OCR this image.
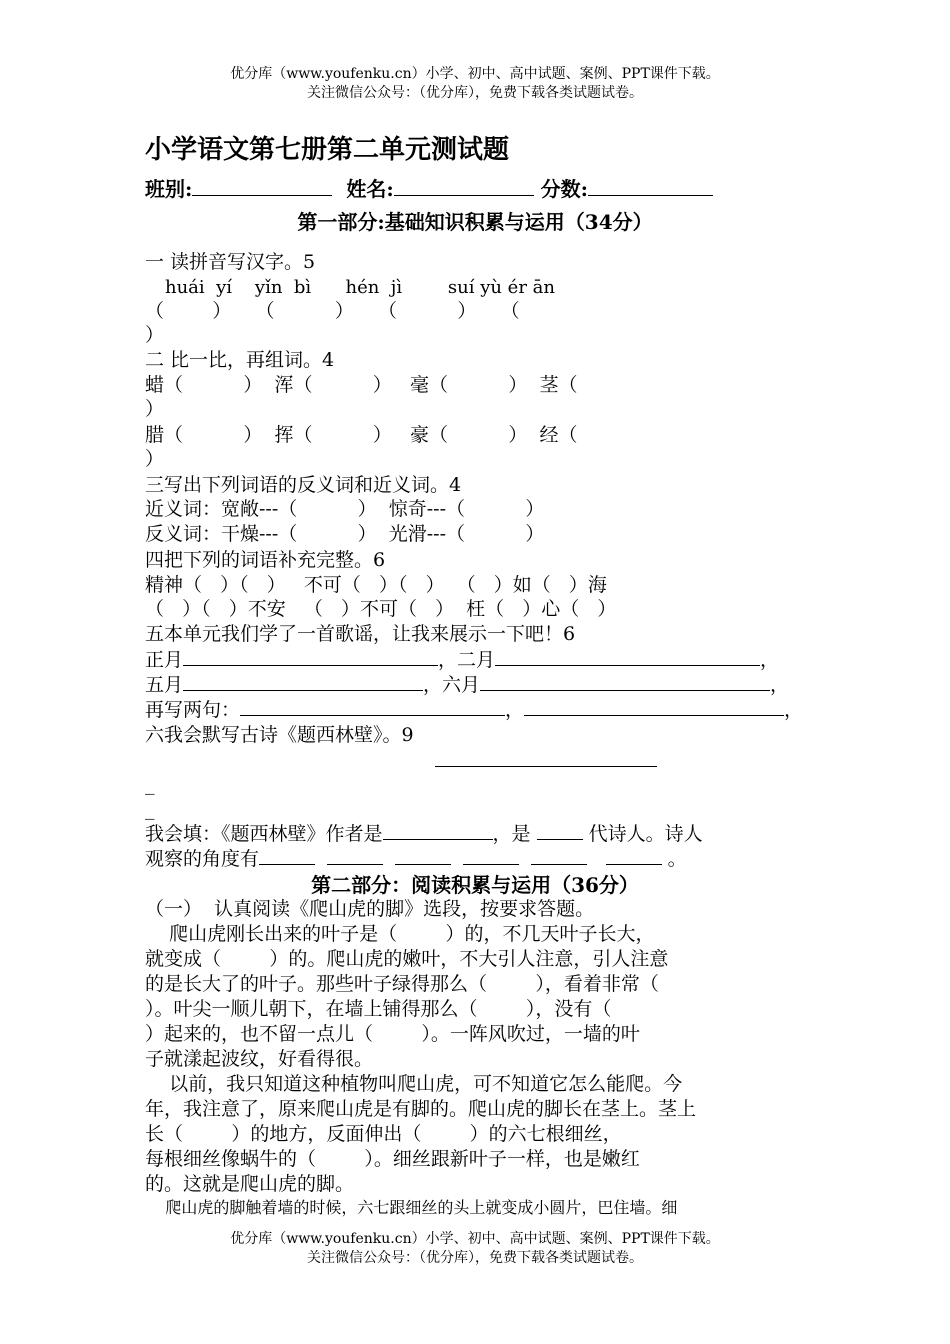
优分库（www.youfenku.cn）小学、初中、高中试题、案例、PPT课件下载。
关注微信公众号：（优分库），免费下载各类试题试卷。
小学语文第七册第二单元测试题
班别:	姓名:	分数:
第一部分:基础知识积累与运用（34分）
一 读拼音写汉字。5
huái  yí    yǐn  bì      hén  jì        suí yù ér ān
（        ）    （          ）    （          ）    （
）
二 比一比，再组词。4
蜡（          ）  浑（          ）   毫（          ）  茎（
）
腊（          ）  挥（          ）   豪（          ）  经（
）
三写出下列词语的反义词和近义词。4
近义词：宽敞---（          ）  惊奇---（          ）
反义词：干燥---（          ）  光滑---（          ）
四把下列的词语补充完整。6
精神（   ）（   ）   不可（   ）（   ）  （   ）如（   ）海
（   ）（   ）不安   （   ）不可（   ）  枉（   ）心（   ）
五本单元我们学了一首歌谣，让我来展示一下吧！6
正月	，二月	，
五月	，六月	，
再写两句：	，	，
六我会默写古诗《题西林壁》。9
_
_
我会填：《题西林壁》作者是	，是	代诗人。诗人
观察的角度有	。
第二部分：阅读积累与运用（36分）
（一）  认真阅读《爬山虎的脚》选段，按要求答题。
爬山虎刚长出来的叶子是（        ）的，不几天叶子长大，
就变成（        ）的。爬山虎的嫩叶，不大引人注意，引人注意
的是长大了的叶子。那些叶子绿得那么（        ），看着非常（
）。叶尖一顺儿朝下，在墙上铺得那么（        ），没有（
）起来的，也不留一点儿（        ）。一阵风吹过，一墙的叶
子就漾起波纹，好看得很。
以前，我只知道这种植物叫爬山虎，可不知道它怎么能爬。今
年，我注意了，原来爬山虎是有脚的。爬山虎的脚长在茎上。茎上
长（        ）的地方，反面伸出（        ）的六七根细丝，
每根细丝像蜗牛的（        ）。细丝跟新叶子一样，也是嫩红
的。这就是爬山虎的脚。
爬山虎的脚触着墙的时候，六七跟细丝的头上就变成小圆片，巴住墙。细
优分库（www.youfenku.cn）小学、初中、高中试题、案例、PPT课件下载。
关注微信公众号：（优分库），免费下载各类试题试卷。
